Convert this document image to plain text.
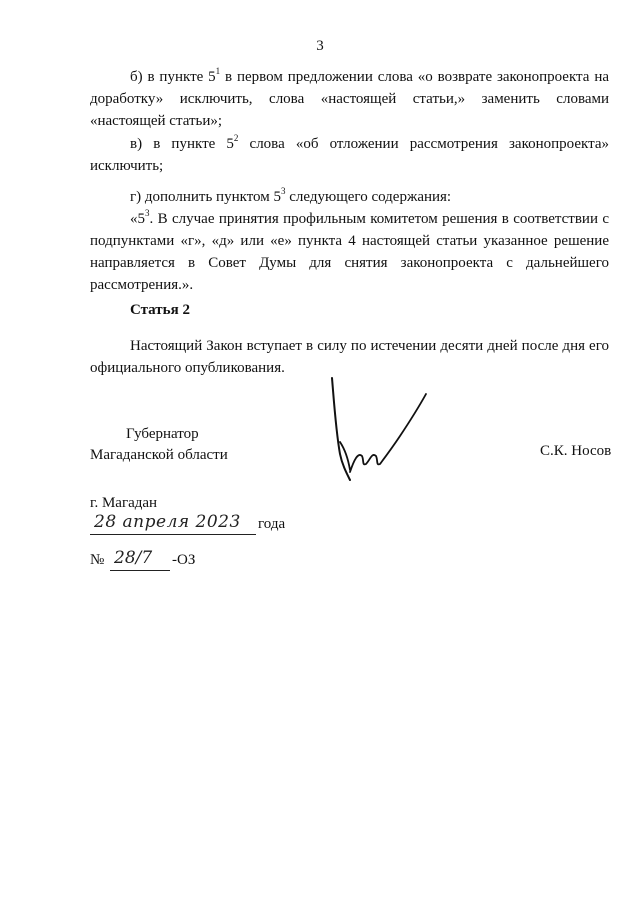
3

б) в пункте $5^1$ в первом предложении слова «о возврате законопроекта на доработку» исключить, слова «настоящей статьи,» заменить словами «настоящей статьи»;

в) в пункте $5^2$ слова «об отложении рассмотрения законопроекта» исключить;

г) дополнить пунктом $5^3$ следующего содержания:

«$5^3$. В случае принятия профильным комитетом решения в соответствии с подпунктами «г», «д» или «е» пункта 4 настоящей статьи указанное решение направляется в Совет Думы для снятия законопроекта с дальнейшего рассмотрения.».

Статья 2

Настоящий Закон вступает в силу по истечении десяти дней после дня его официального опубликования.

Губернатор
Магаданской области	С.К. Носов
г. Магадан
28 апреля 2023 года
№ 28/7 -ОЗ
